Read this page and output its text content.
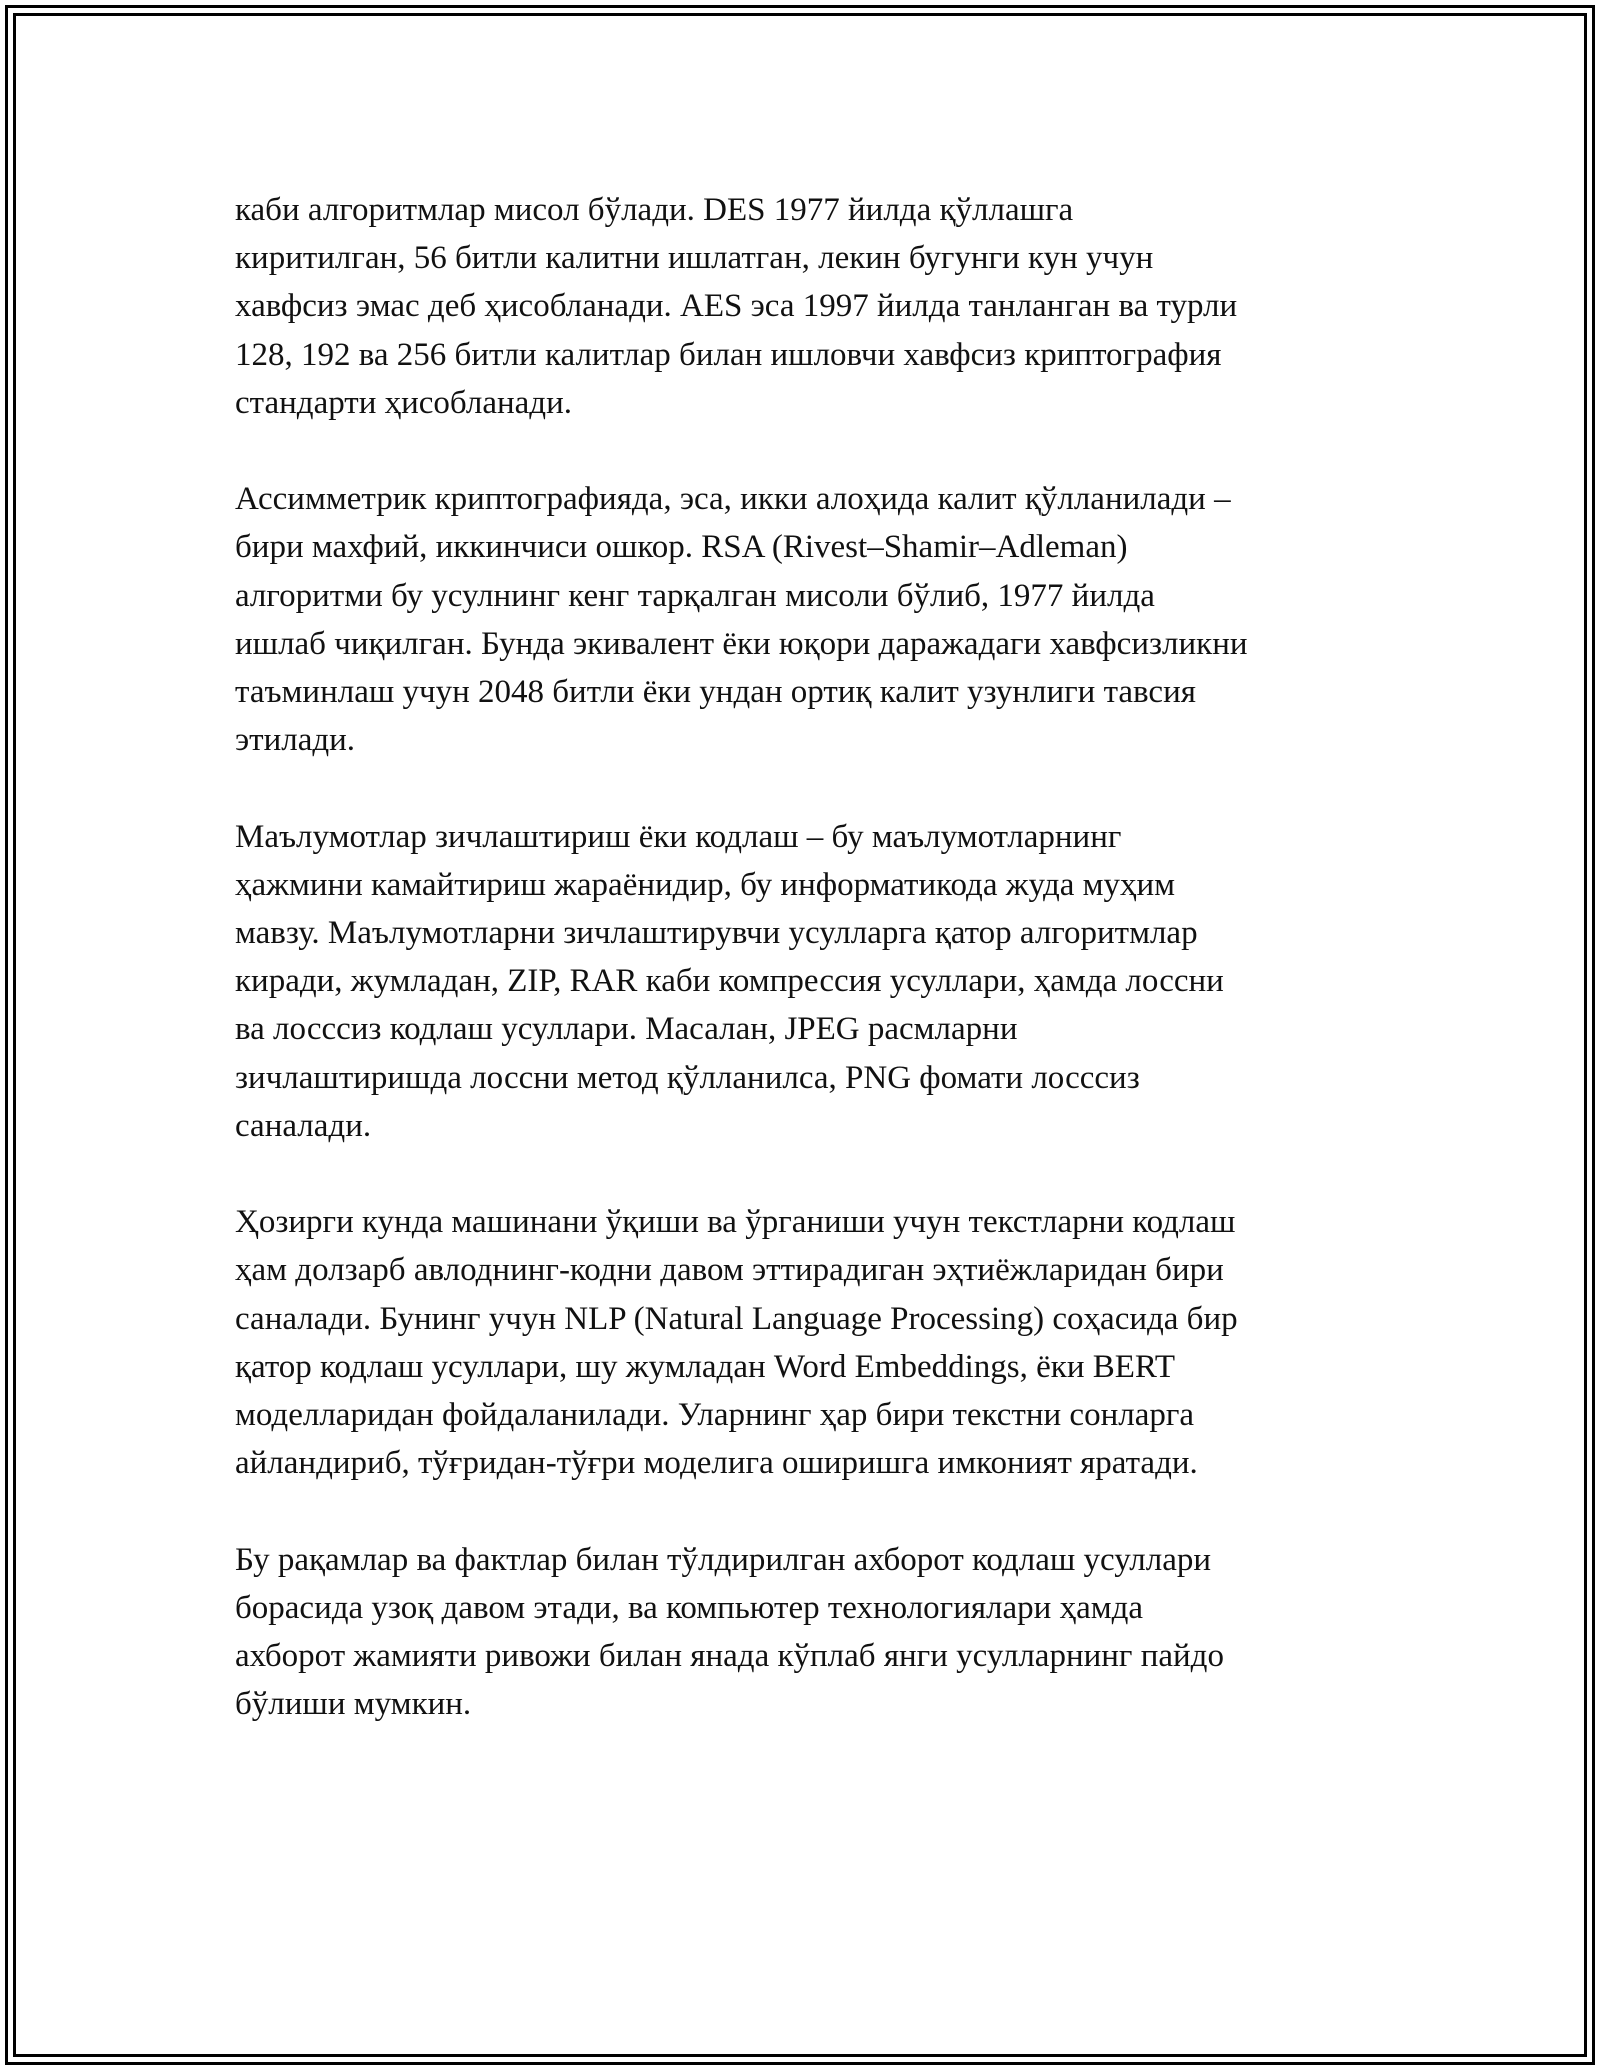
каби алгоритмлар мисол бўлади. DES 1977 йилда қўллашга
киритилган, 56 битли калитни ишлатган, лекин бугунги кун учун
хавфсиз эмас деб ҳисобланади. AES эса 1997 йилда танланган ва турли
128, 192 ва 256 битли калитлар билан ишловчи хавфсиз криптография
стандарти ҳисобланади.

Ассимметрик криптографияда, эса, икки алоҳида калит қўлланилади –
бири махфий, иккинчиси ошкор. RSA (Rivest–Shamir–Adleman)
алгоритми бу усулнинг кенг тарқалган мисоли бўлиб, 1977 йилда
ишлаб чиқилган. Бунда экивалент ёки юқори даражадаги хавфсизликни
таъминлаш учун 2048 битли ёки ундан ортиқ калит узунлиги тавсия
этилади.

Маълумотлар зичлаштириш ёки кодлаш – бу маълумотларнинг
ҳажмини камайтириш жараёнидир, бу информатикода жуда муҳим
мавзу. Маълумотларни зичлаштирувчи усулларга қатор алгоритмлар
киради, жумладан, ZIP, RAR каби компрессия усуллари, ҳамда лоссни
ва лосссиз кодлаш усуллари. Масалан, JPEG расмларни
зичлаштиришда лоссни метод қўлланилса, PNG фомати лосссиз
саналади.

Ҳозирги кунда машинани ўқиши ва ўрганиши учун текстларни кодлаш
ҳам долзарб авлоднинг-кодни давом эттирадиган эҳтиёжларидан бири
саналади. Бунинг учун NLP (Natural Language Processing) соҳасида бир
қатор кодлаш усуллари, шу жумладан Word Embeddings, ёки BERT
моделларидан фойдаланилади. Уларнинг ҳар бири текстни сонларга
айландириб, тўғридан-тўғри моделига оширишга имконият яратади.

Бу рақамлар ва фактлар билан тўлдирилган ахборот кодлаш усуллари
борасида узоқ давом этади, ва компьютер технологиялари ҳамда
ахборот жамияти ривожи билан янада кўплаб янги усулларнинг пайдо
бўлиши мумкин.
